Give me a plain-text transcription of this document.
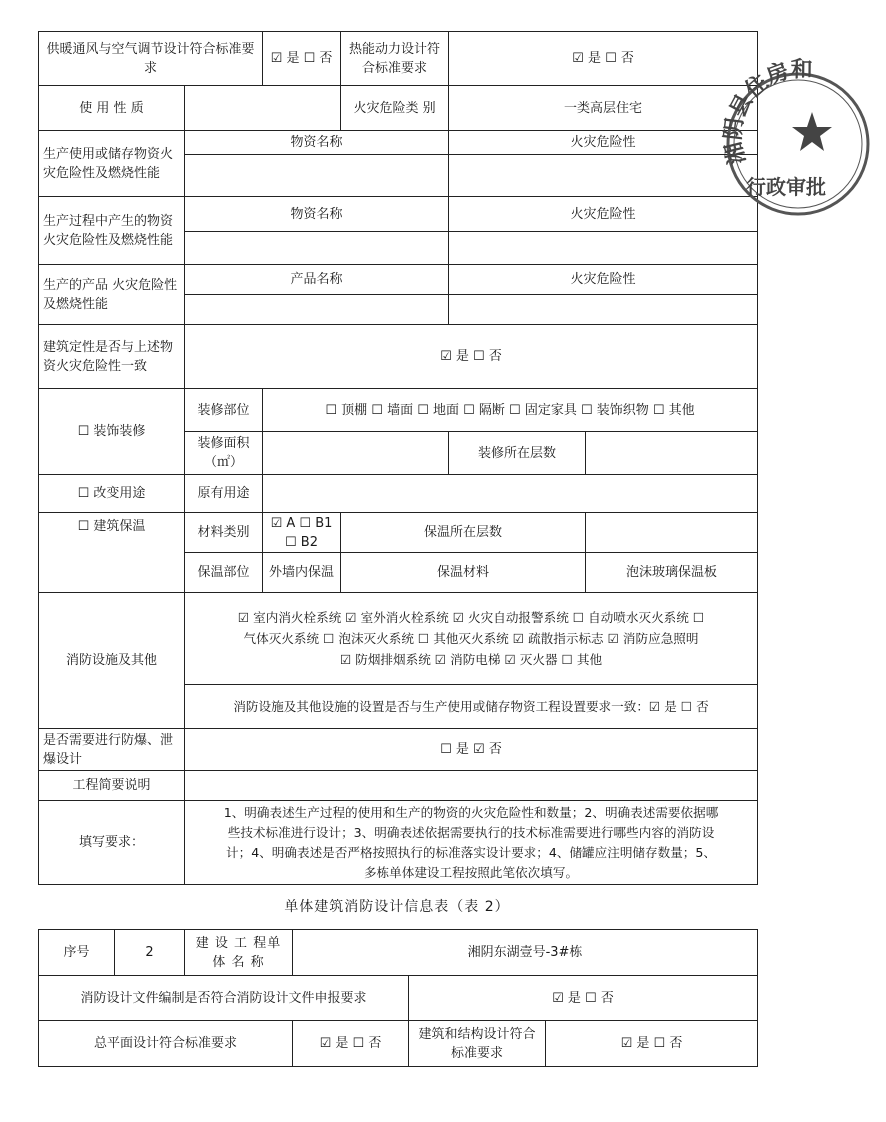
供暖通风与空气调节设计符合标准要求		☑ 是 ☐ 否	热能动力设计符合标准要求	☑ 是 ☐ 否	
使 用 性 质			火灾危险类 别	一类高层住宅	
生产使用或储存物资火灾危险性及燃烧性能	物资名称			火灾危险性	

生产过程中产生的物资火灾危险性及燃烧性能	物资名称			火灾危险性	

生产的产品 火灾危险性及燃烧性能	产品名称			火灾危险性	

建筑定性是否与上述物资火灾危险性一致	☑ 是 ☐ 否				
☐ 装饰装修	装修部位	☐ 顶棚 ☐ 墙面 ☐ 地面 ☐ 隔断 ☐ 固定家具 ☐ 装饰织物 ☐ 其他			
	装修面积（㎡）			装修所在层数	
☐ 改变用途	原有用途				
☐ 建筑保温	材料类别	☑ A ☐ B1 ☐ B2	保温所在层数		
	保温部位	外墙内保温	保温材料		泡沫玻璃保温板
消防设施及其他	☑ 室内消火栓系统 ☑ 室外消火栓系统 ☑ 火灾自动报警系统 ☐ 自动喷水灭火系统 ☐
气体灭火系统 ☐ 泡沫灭火系统 ☐ 其他灭火系统 ☑ 疏散指示标志 ☑ 消防应急照明
☑ 防烟排烟系统 ☑ 消防电梯 ☑ 灭火器 ☐ 其他				

	消防设施及其他设施的设置是否与生产使用或储存物资工程设置要求一致：☑ 是 ☐ 否				
是否需要进行防爆、泄爆设计	☐ 是 ☑ 否				
工程简要说明					
填写要求：	1、明确表述生产过程的使用和生产的物资的火灾危险性和数量；2、明确表述需要依据哪
些技术标准进行设计；3、明确表述依据需要执行的技术标准需要进行哪些内容的消防设
计；4、明确表述是否严格按照执行的标准落实设计要求；4、储罐应注明储存数量；5、
多栋单体建设工程按照此笔依次填写。				
单体建筑消防设计信息表（表 2）
序号	2	建 设 工 程单 体 名 称	湘阴东湖壹号-3#栋		
消防设计文件编制是否符合消防设计文件申报要求				☑ 是 ☐ 否	
总平面设计符合标准要求			☑ 是 ☐ 否	建筑和结构设计符合标准要求	☑ 是 ☐ 否
湘阴县住房和
行政审批
